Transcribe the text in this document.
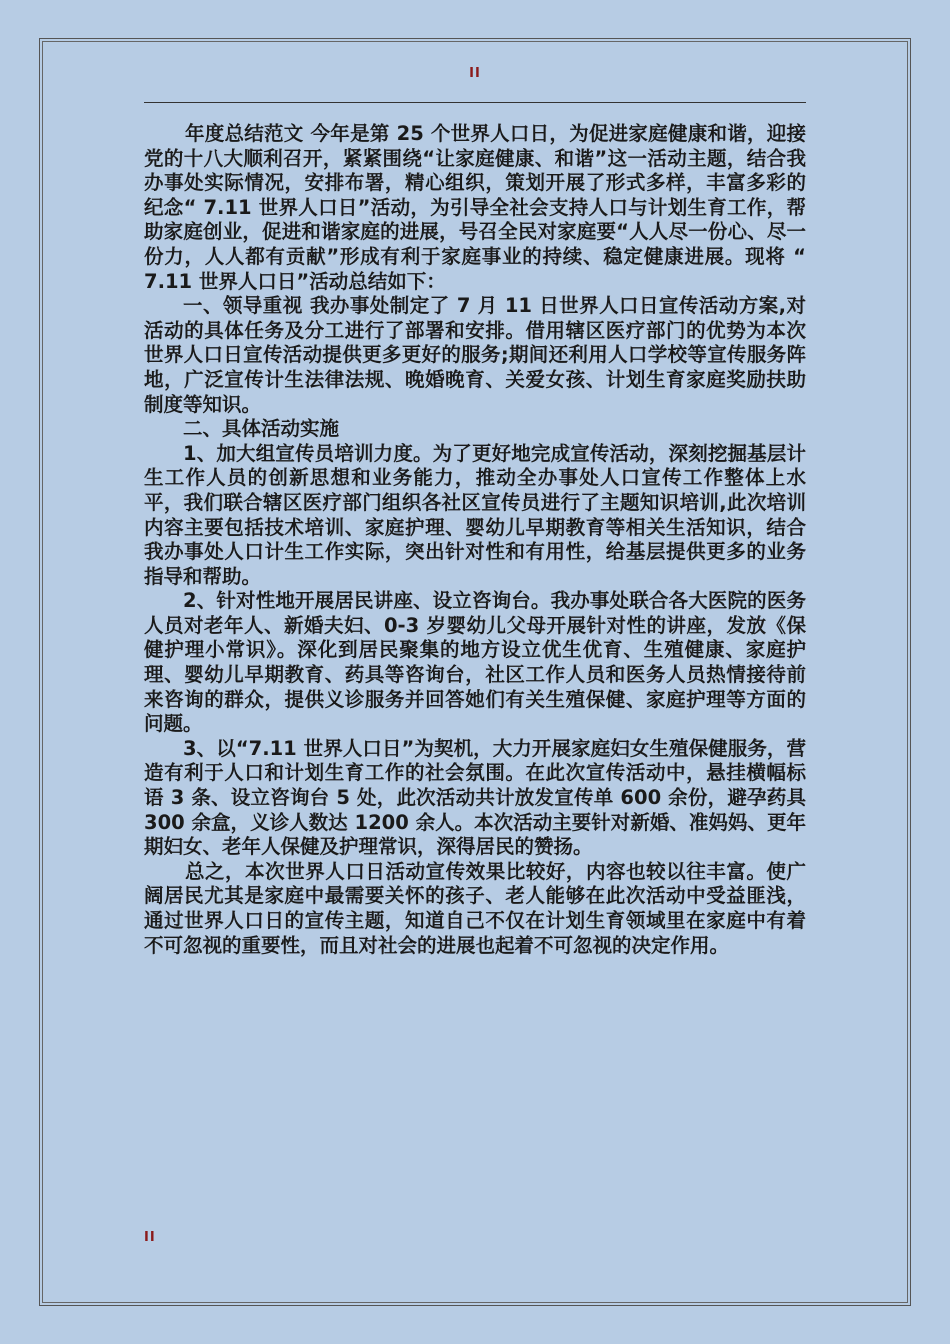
II

年度总结范文 今年是第 25 个世界人口日，为促进家庭健康和谐，迎接党的十八大顺利召开，紧紧围绕“让家庭健康、和谐”这一活动主题，结合我办事处实际情况，安排布署，精心组织，策划开展了形式多样，丰富多彩的纪念“ 7.11 世界人口日”活动，为引导全社会支持人口与计划生育工作，帮助家庭创业，促进和谐家庭的进展，号召全民对家庭要“人人尽一份心、尽一份力，人人都有贡献”形成有利于家庭事业的持续、稳定健康进展。现将 “ 7.11 世界人口日”活动总结如下：

一、领导重视 我办事处制定了 7 月 11 日世界人口日宣传活动方案,对活动的具体任务及分工进行了部署和安排。借用辖区医疗部门的优势为本次世界人口日宣传活动提供更多更好的服务;期间还利用人口学校等宣传服务阵地，广泛宣传计生法律法规、晚婚晚育、关爱女孩、计划生育家庭奖励扶助制度等知识。

二、具体活动实施

1、加大组宣传员培训力度。为了更好地完成宣传活动，深刻挖掘基层计生工作人员的创新思想和业务能力，推动全办事处人口宣传工作整体上水平，我们联合辖区医疗部门组织各社区宣传员进行了主题知识培训,此次培训内容主要包括技术培训、家庭护理、婴幼儿早期教育等相关生活知识，结合我办事处人口计生工作实际，突出针对性和有用性，给基层提供更多的业务指导和帮助。

2、针对性地开展居民讲座、设立咨询台。我办事处联合各大医院的医务人员对老年人、新婚夫妇、0-3 岁婴幼儿父母开展针对性的讲座，发放《保健护理小常识》。深化到居民聚集的地方设立优生优育、生殖健康、家庭护理、婴幼儿早期教育、药具等咨询台，社区工作人员和医务人员热情接待前来咨询的群众，提供义诊服务并回答她们有关生殖保健、家庭护理等方面的问题。

3、以“7.11 世界人口日”为契机，大力开展家庭妇女生殖保健服务，营造有利于人口和计划生育工作的社会氛围。在此次宣传活动中，悬挂横幅标语 3 条、设立咨询台 5 处，此次活动共计放发宣传单 600 余份，避孕药具 300 余盒，义诊人数达 1200 余人。本次活动主要针对新婚、准妈妈、更年期妇女、老年人保健及护理常识，深得居民的赞扬。

总之，本次世界人口日活动宣传效果比较好，内容也较以往丰富。使广阔居民尤其是家庭中最需要关怀的孩子、老人能够在此次活动中受益匪浅，通过世界人口日的宣传主题，知道自己不仅在计划生育领域里在家庭中有着不可忽视的重要性，而且对社会的进展也起着不可忽视的决定作用。

II
